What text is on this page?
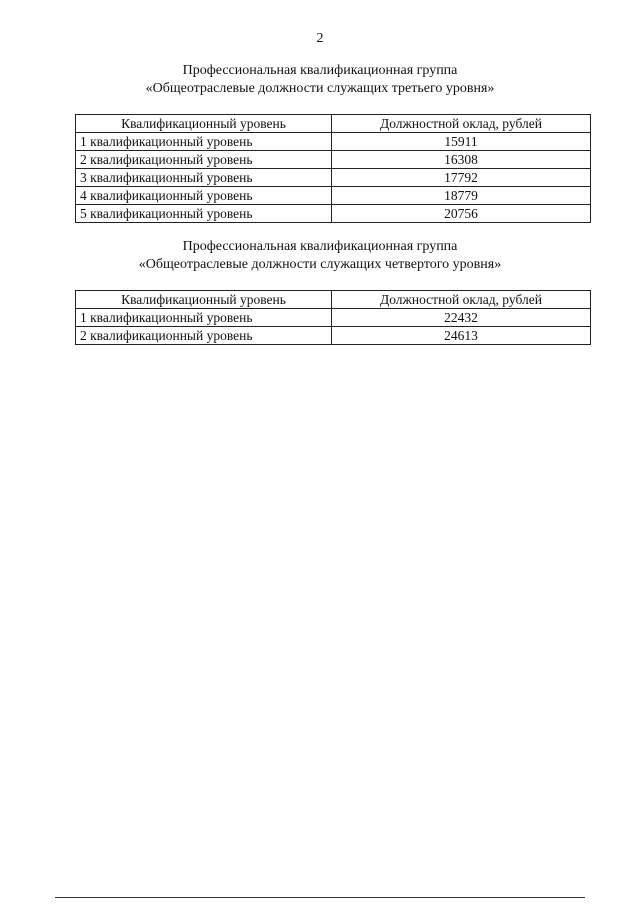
2
Профессиональная квалификационная группа
«Общеотраслевые должности служащих третьего уровня»
Квалификационный уровень	Должностной оклад, рублей
1 квалификационный уровень	15911
2 квалификационный уровень	16308
3 квалификационный уровень	17792
4 квалификационный уровень	18779
5 квалификационный уровень	20756
Профессиональная квалификационная группа
«Общеотраслевые должности служащих четвертого уровня»
Квалификационный уровень	Должностной оклад, рублей
1 квалификационный уровень	22432
2 квалификационный уровень	24613
